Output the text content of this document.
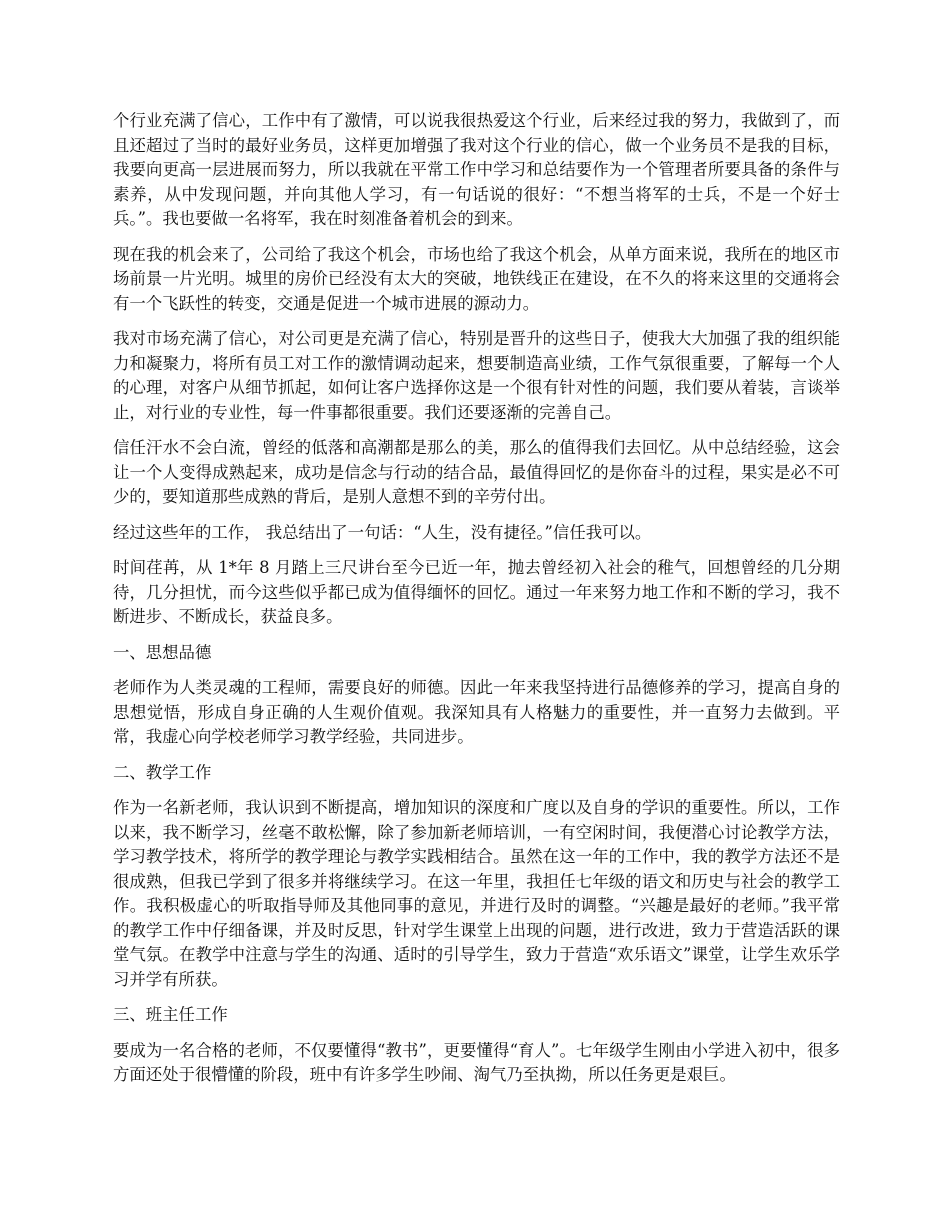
个行业充满了信心，工作中有了激情，可以说我很热爱这个行业，后来经过我的努力，我做到了，而且还超过了当时的最好业务员，这样更加增强了我对这个行业的信心，做一个业务员不是我的目标，我要向更高一层进展而努力，所以我就在平常工作中学习和总结要作为一个管理者所要具备的条件与素养，从中发现问题，并向其他人学习，有一句话说的很好：“不想当将军的士兵，不是一个好士兵。”。我也要做一名将军，我在时刻准备着机会的到来。

现在我的机会来了，公司给了我这个机会，市场也给了我这个机会，从单方面来说，我所在的地区市场前景一片光明。城里的房价已经没有太大的突破，地铁线正在建设，在不久的将来这里的交通将会有一个飞跃性的转变，交通是促进一个城市进展的源动力。

我对市场充满了信心，对公司更是充满了信心，特别是晋升的这些日子，使我大大加强了我的组织能力和凝聚力，将所有员工对工作的激情调动起来，想要制造高业绩，工作气氛很重要，了解每一个人的心理，对客户从细节抓起，如何让客户选择你这是一个很有针对性的问题，我们要从着装，言谈举止，对行业的专业性，每一件事都很重要。我们还要逐渐的完善自己。

信任汗水不会白流，曾经的低落和高潮都是那么的美，那么的值得我们去回忆。从中总结经验，这会让一个人变得成熟起来，成功是信念与行动的结合品，最值得回忆的是你奋斗的过程，果实是必不可少的，要知道那些成熟的背后，是别人意想不到的辛劳付出。

经过这些年的工作， 我总结出了一句话：“人生，没有捷径。”信任我可以。

时间荏苒，从 1*年 8 月踏上三尺讲台至今已近一年，抛去曾经初入社会的稚气，回想曾经的几分期待，几分担忧，而今这些似乎都已成为值得缅怀的回忆。通过一年来努力地工作和不断的学习，我不断进步、不断成长，获益良多。

一、思想品德

老师作为人类灵魂的工程师，需要良好的师德。因此一年来我坚持进行品德修养的学习，提高自身的思想觉悟，形成自身正确的人生观价值观。我深知具有人格魅力的重要性，并一直努力去做到。平常，我虚心向学校老师学习教学经验，共同进步。

二、教学工作

作为一名新老师，我认识到不断提高，增加知识的深度和广度以及自身的学识的重要性。所以，工作以来，我不断学习，丝毫不敢松懈，除了参加新老师培训，一有空闲时间，我便潜心讨论教学方法，学习教学技术，将所学的教学理论与教学实践相结合。虽然在这一年的工作中，我的教学方法还不是很成熟，但我已学到了很多并将继续学习。在这一年里，我担任七年级的语文和历史与社会的教学工作。我积极虚心的听取指导师及其他同事的意见，并进行及时的调整。“兴趣是最好的老师。”我平常的教学工作中仔细备课，并及时反思，针对学生课堂上出现的问题，进行改进，致力于营造活跃的课堂气氛。在教学中注意与学生的沟通、适时的引导学生，致力于营造“欢乐语文”课堂，让学生欢乐学习并学有所获。

三、班主任工作

要成为一名合格的老师，不仅要懂得“教书”，更要懂得“育人”。七年级学生刚由小学进入初中，很多方面还处于很懵懂的阶段，班中有许多学生吵闹、淘气乃至执拗，所以任务更是艰巨。
